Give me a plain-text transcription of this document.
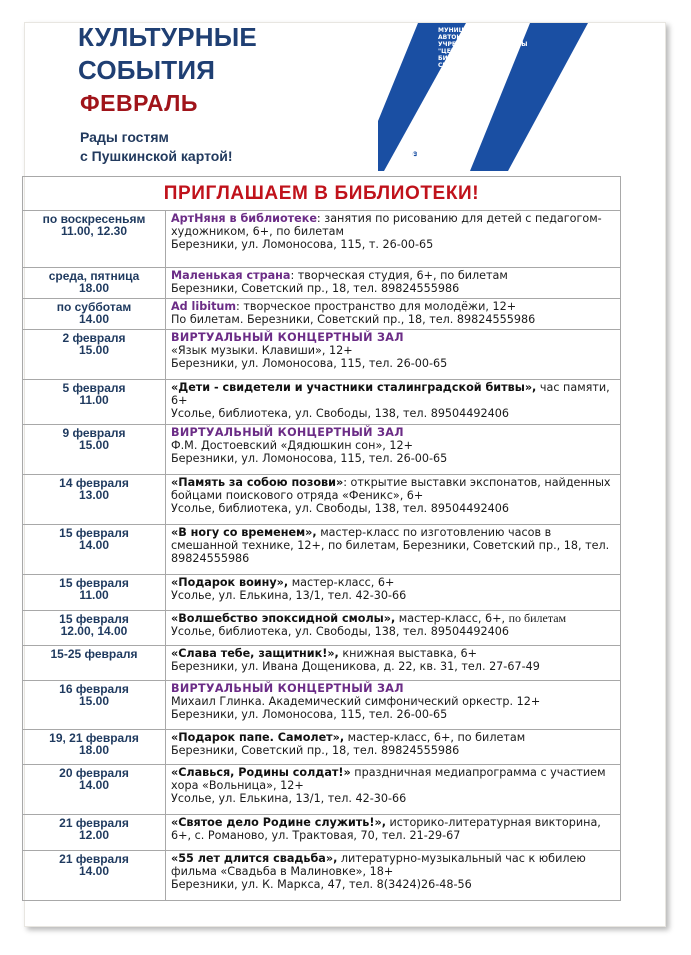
КУЛЬТУРНЫЕ
СОБЫТИЯ
ФЕВРАЛЬ
Рады гостям
с Пушкинской картой!
МУНИЦИПАЛЬНОЕ АВТОНОМНОЕ УЧРЕЖДЕНИЕ КУЛЬТУРЫ "ЦЕНТРАЛИЗОВАННАЯ БИБЛИОТЕЧНАЯ СИСТЕМА"
г. БЕРЕЗНИКИ
ПРИГЛАШАЕМ В БИБЛИОТЕКИ!
по воскресеньям
11.00, 12.30
АртНяня в библиотеке: занятия по рисованию для детей с педагогом-художником, 6+, по билетам
Березники, ул. Ломоносова, 115, т. 26-00-65
среда, пятница
18.00
Маленькая страна: творческая студия, 6+, по билетам
Березники, Советский пр., 18, тел. 89824555986
по субботам
14.00
Ad libitum: творческое пространство для молодёжи, 12+
По билетам. Березники, Советский пр., 18, тел. 89824555986
2 февраля
15.00
ВИРТУАЛЬНЫЙ КОНЦЕРТНЫЙ ЗАЛ
«Язык музыки. Клавиши», 12+
Березники, ул. Ломоносова, 115, тел. 26-00-65
5 февраля
11.00
«Дети - свидетели и участники сталинградской битвы», час памяти, 6+
Усолье, библиотека, ул. Свободы, 138, тел. 89504492406
9 февраля
15.00
ВИРТУАЛЬНЫЙ КОНЦЕРТНЫЙ ЗАЛ
Ф.М. Достоевский «Дядюшкин сон», 12+
Березники, ул. Ломоносова, 115, тел. 26-00-65
14 февраля
13.00
«Память за собою позови»: открытие выставки экспонатов, найденных бойцами поискового отряда «Феникс», 6+
Усолье, библиотека, ул. Свободы, 138, тел. 89504492406
15 февраля
14.00
«В ногу со временем», мастер-класс по изготовлению часов в смешанной технике, 12+, по билетам, Березники, Советский пр., 18, тел. 89824555986
15 февраля
11.00
«Подарок воину», мастер-класс, 6+
Усолье, ул. Елькина, 13/1, тел. 42-30-66
15 февраля
12.00, 14.00
«Волшебство эпоксидной смолы», мастер-класс, 6+, по билетам
Усолье, библиотека, ул. Свободы, 138, тел. 89504492406
15-25 февраля	«Слава тебе, защитник!», книжная выставка, 6+
Березники, ул. Ивана Дощеникова, д. 22, кв. 31, тел. 27-67-49
16 февраля
15.00
ВИРТУАЛЬНЫЙ КОНЦЕРТНЫЙ ЗАЛ
Михаил Глинка. Академический симфонический оркестр. 12+
Березники, ул. Ломоносова, 115, тел. 26-00-65
19, 21 февраля
18.00
«Подарок папе. Самолет», мастер-класс, 6+, по билетам
Березники, Советский пр., 18, тел. 89824555986
20 февраля
14.00
«Славься, Родины солдат!» праздничная медиапрограмма с участием хора «Вольница», 12+
Усолье, ул. Елькина, 13/1, тел. 42-30-66
21 февраля
12.00
«Святое дело Родине служить!», историко-литературная викторина, 6+, с. Романово, ул. Трактовая, 70, тел. 21-29-67
21 февраля
14.00
«55 лет длится свадьба», литературно-музыкальный час к юбилею фильма «Свадьба в Малиновке», 18+
Березники, ул. К. Маркса, 47, тел. 8(3424)26-48-56
